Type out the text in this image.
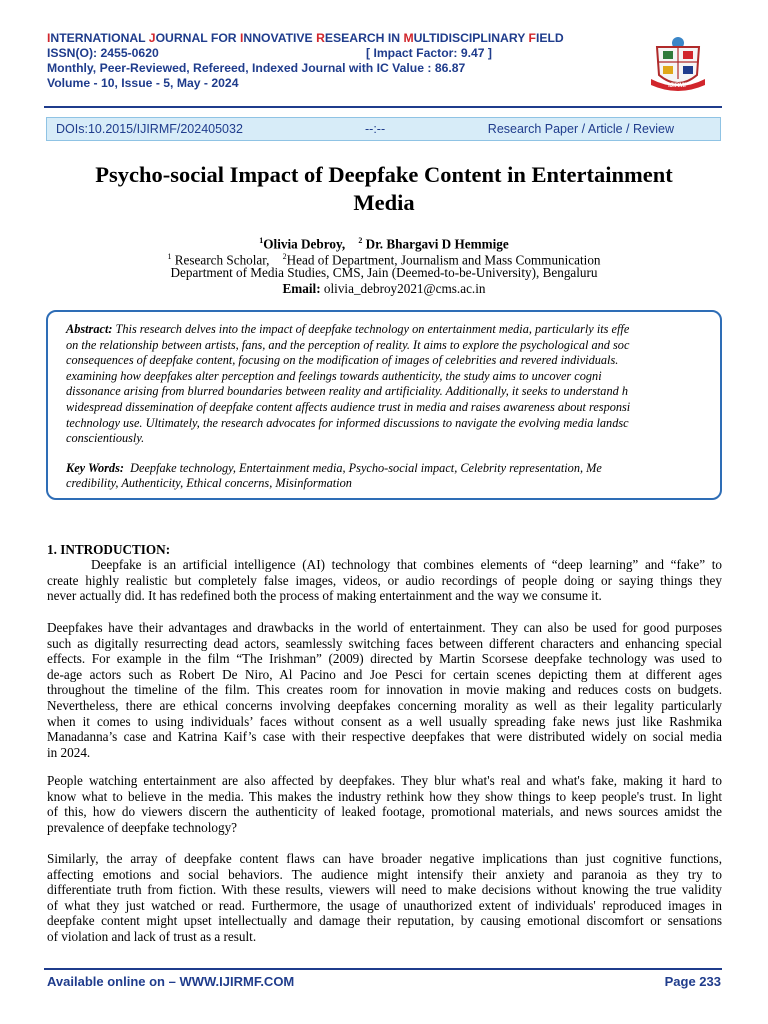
INTERNATIONAL JOURNAL FOR INNOVATIVE RESEARCH IN MULTIDISCIPLINARY FIELD
ISSN(O): 2455-0620	[ Impact Factor: 9.47 ]
Monthly, Peer-Reviewed, Refereed, Indexed Journal with IC Value : 86.87
Volume - 10, Issue - 5, May - 2024	IJIRMF
DOIs:10.2015/IJIRMF/202405032	--:--	Research Paper / Article / Review
Psycho-social Impact of Deepfake Content in Entertainment
Media
$^1$Olivia Debroy, $^2$ Dr. Bhargavi D Hemmige
$^1$ Research Scholar, $^2$Head of Department, Journalism and Mass Communication
Department of Media Studies, CMS, Jain (Deemed-to-be-University), Bengaluru
Email: olivia_debroy2021@cms.ac.in
Abstract: This research delves into the impact of deepfake technology on entertainment media, particularly its effe
on the relationship between artists, fans, and the perception of reality. It aims to explore the psychological and soc
consequences of deepfake content, focusing on the modification of images of celebrities and revered individuals.
examining how deepfakes alter perception and feelings towards authenticity, the study aims to uncover cogni
dissonance arising from blurred boundaries between reality and artificiality. Additionally, it seeks to understand h
widespread dissemination of deepfake content affects audience trust in media and raises awareness about responsi
technology use. Ultimately, the research advocates for informed discussions to navigate the evolving media landsc
conscientiously.
Key Words: Deepfake technology, Entertainment media, Psycho-social impact, Celebrity representation, Me
credibility, Authenticity, Ethical concerns, Misinformation
1. INTRODUCTION:
Deepfake is an artificial intelligence (AI) technology that combines elements of “deep learning” and “fake” to
create highly realistic but completely false images, videos, or audio recordings of people doing or saying things they
never actually did. It has redefined both the process of making entertainment and the way we consume it.
Deepfakes have their advantages and drawbacks in the world of entertainment. They can also be used for good purposes
such as digitally resurrecting dead actors, seamlessly switching faces between different characters and enhancing special
effects. For example in the film “The Irishman” (2009) directed by Martin Scorsese deepfake technology was used to
de-age actors such as Robert De Niro, Al Pacino and Joe Pesci for certain scenes depicting them at different ages
throughout the timeline of the film. This creates room for innovation in movie making and reduces costs on budgets.
Nevertheless, there are ethical concerns involving deepfakes concerning morality as well as their legality particularly
when it comes to using individuals’ faces without consent as a well usually spreading fake news just like Rashmika
Manadanna’s case and Katrina Kaif’s case with their respective deepfakes that were distributed widely on social media
in 2024.
People watching entertainment are also affected by deepfakes. They blur what's real and what's fake, making it hard to
know what to believe in the media. This makes the industry rethink how they show things to keep people's trust. In light
of this, how do viewers discern the authenticity of leaked footage, promotional materials, and news sources amidst the
prevalence of deepfake technology?
Similarly, the array of deepfake content flaws can have broader negative implications than just cognitive functions,
affecting emotions and social behaviors. The audience might intensify their anxiety and paranoia as they try to
differentiate truth from fiction. With these results, viewers will need to make decisions without knowing the true validity
of what they just watched or read. Furthermore, the usage of unauthorized extent of individuals' reproduced images in
deepfake content might upset intellectually and damage their reputation, by causing emotional discomfort or sensations
of violation and lack of trust as a result.
Available online on – WWW.IJIRMF.COM	Page 233
